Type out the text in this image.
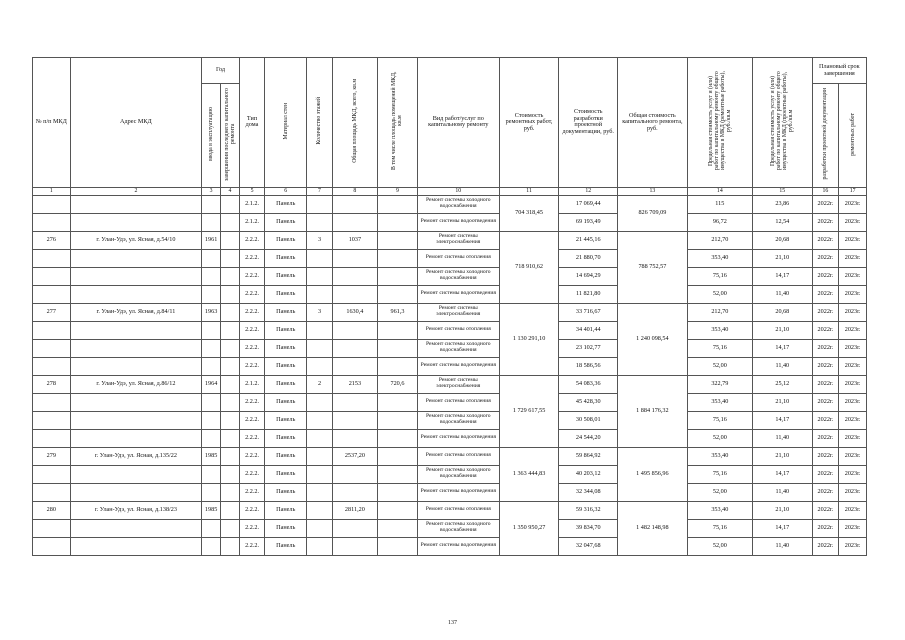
№ п/п МКД	Адрес МКД	Год		Тип дома	Материал стен	Количество этажей	Общая площадь МКД, всего, кв.м	В том числе площадь помещений МКД, кв.м	Вид работ/услуг по капитальному ремонту	Стоимость ремонтных работ, руб.	Стоимость разработки проектной документации, руб.	Общая стоимость капитального ремонта, руб.	Предельная стоимость услуг и (или) работ по капитальному ремонту общего имущества в МКД (ремонтные работы), руб./кв.м	Предельная стоимость услуг и (или) работ по капитальному ремонту общего имущества в МКД (проектные работы), руб./кв.м	Плановый срок завершения	
		ввода в эксплуатацию	завершения последнего капитального ремонта												разработки проектной документации	ремонтных работ
1	2	3	4	5	6	7	8	9	10	11	12	13	14	15	16	17
				2.1.2.	Панель				Ремонт системы холодного водоснабжения	704 318,45	17 069,44	826 709,09	115	23,86	2022г.	2023г.
				2.1.2.	Панель				Ремонт системы водоотведения		69 193,49		96,72	12,54	2022г.	2023г.
276	г. Улан-Удэ, ул. Ясная, д.54/10	1961		2.2.2.	Панель	3	1037		Ремонт системы электроснабжения	718 910,62	21 445,16	788 752,57	212,70	20,68	2022г.	2023г.
				2.2.2.	Панель				Ремонт системы отопления		21 880,70		353,40	21,10	2022г.	2023г.
				2.2.2.	Панель				Ремонт системы холодного водоснабжения		14 694,29		75,16	14,17	2022г.	2023г.
				2.2.2.	Панель				Ремонт системы водоотведения		11 821,80		52,00	11,40	2022г.	2023г.
277	г. Улан-Удэ, ул. Ясная, д.84/11	1963		2.2.2.	Панель	3	1630,4	961,3	Ремонт системы электроснабжения	1 130 291,10	33 716,67	1 240 098,54	212,70	20,68	2022г.	2023г.
				2.2.2.	Панель				Ремонт системы отопления		34 401,44		353,40	21,10	2022г.	2023г.
				2.2.2.	Панель				Ремонт системы холодного водоснабжения		23 102,77		75,16	14,17	2022г.	2023г.
				2.2.2.	Панель				Ремонт системы водоотведения		18 586,56		52,00	11,40	2022г.	2023г.
278	г. Улан-Удэ, ул. Ясная, д.86/12	1964		2.1.2.	Панель	2	2153	720,6	Ремонт системы электроснабжения	1 729 617,55	54 083,36	1 884 176,32	322,79	25,12	2022г.	2023г.
				2.2.2.	Панель				Ремонт системы отопления		45 428,30		353,40	21,10	2022г.	2023г.
				2.2.2.	Панель				Ремонт системы холодного водоснабжения		30 508,01		75,16	14,17	2022г.	2023г.
				2.2.2.	Панель				Ремонт системы водоотведения		24 544,20		52,00	11,40	2022г.	2023г.
279	г. Улан-Удэ, ул. Ясная, д.135/22	1985		2.2.2.	Панель		2537,20		Ремонт системы отопления	1 363 444,83	59 864,92	1 495 856,96	353,40	21,10	2022г.	2023г.
				2.2.2.	Панель				Ремонт системы холодного водоснабжения		40 203,12		75,16	14,17	2022г.	2023г.
				2.2.2.	Панель				Ремонт системы водоотведения		32 344,08		52,00	11,40	2022г.	2023г.
280	г. Улан-Удэ, ул. Ясная, д.138/23	1985		2.2.2.	Панель		2811,20		Ремонт системы отопления	1 350 950,27	59 316,32	1 482 148,98	353,40	21,10	2022г.	2023г.
				2.2.2.	Панель				Ремонт системы холодного водоснабжения		39 834,70		75,16	14,17	2022г.	2023г.
				2.2.2.	Панель				Ремонт системы водоотведения		32 047,68		52,00	11,40	2022г.	2023г.
137
